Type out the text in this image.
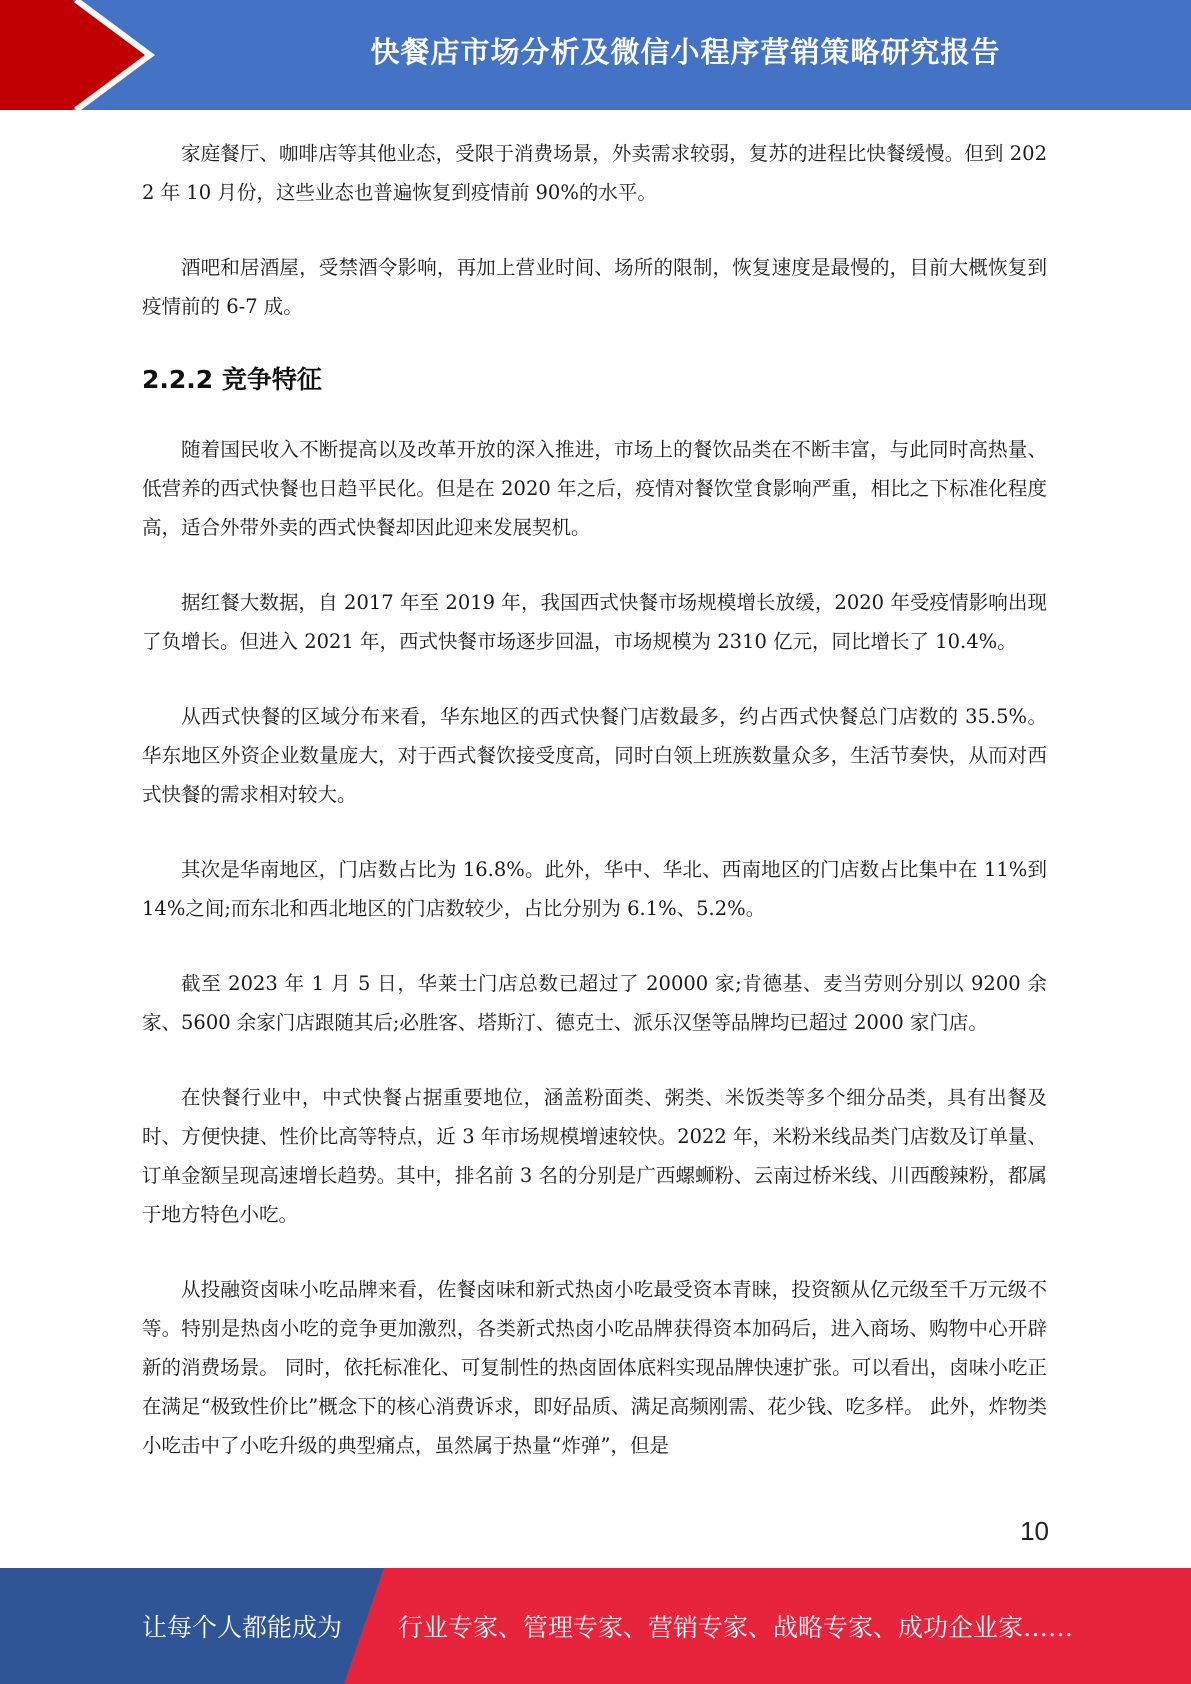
快餐店市场分析及微信小程序营销策略研究报告

家庭餐厅、咖啡店等其他业态，受限于消费场景，外卖需求较弱，复苏的进程比快餐缓慢。但到 2022 年 10 月份，这些业态也普遍恢复到疫情前 90%的水平。

酒吧和居酒屋，受禁酒令影响，再加上营业时间、场所的限制，恢复速度是最慢的，目前大概恢复到疫情前的 6-7 成。

2.2.2 竞争特征

随着国民收入不断提高以及改革开放的深入推进，市场上的餐饮品类在不断丰富，与此同时高热量、低营养的西式快餐也日趋平民化。但是在 2020 年之后，疫情对餐饮堂食影响严重，相比之下标准化程度高，适合外带外卖的西式快餐却因此迎来发展契机。

据红餐大数据，自 2017 年至 2019 年，我国西式快餐市场规模增长放缓，2020 年受疫情影响出现了负增长。但进入 2021 年，西式快餐市场逐步回温，市场规模为 2310 亿元，同比增长了 10.4%。

从西式快餐的区域分布来看，华东地区的西式快餐门店数最多，约占西式快餐总门店数的 35.5%。华东地区外资企业数量庞大，对于西式餐饮接受度高，同时白领上班族数量众多，生活节奏快，从而对西式快餐的需求相对较大。

其次是华南地区，门店数占比为 16.8%。此外，华中、华北、西南地区的门店数占比集中在 11%到 14%之间;而东北和西北地区的门店数较少，占比分别为 6.1%、5.2%。

截至 2023 年 1 月 5 日，华莱士门店总数已超过了 20000 家;肯德基、麦当劳则分别以 9200 余家、5600 余家门店跟随其后;必胜客、塔斯汀、德克士、派乐汉堡等品牌均已超过 2000 家门店。

在快餐行业中，中式快餐占据重要地位，涵盖粉面类、粥类、米饭类等多个细分品类，具有出餐及时、方便快捷、性价比高等特点，近 3 年市场规模增速较快。2022 年，米粉米线品类门店数及订单量、订单金额呈现高速增长趋势。其中，排名前 3 名的分别是广西螺蛳粉、云南过桥米线、川西酸辣粉，都属于地方特色小吃。

从投融资卤味小吃品牌来看，佐餐卤味和新式热卤小吃最受资本青睐，投资额从亿元级至千万元级不等。特别是热卤小吃的竞争更加激烈，各类新式热卤小吃品牌获得资本加码后，进入商场、购物中心开辟新的消费场景。 同时，依托标准化、可复制性的热卤固体底料实现品牌快速扩张。可以看出，卤味小吃正在满足“极致性价比”概念下的核心消费诉求，即好品质、满足高频刚需、花少钱、吃多样。 此外，炸物类小吃击中了小吃升级的典型痛点，虽然属于热量“炸弹”，但是

10
让每个人都能成为 行业专家、管理专家、营销专家、战略专家、成功企业家……
